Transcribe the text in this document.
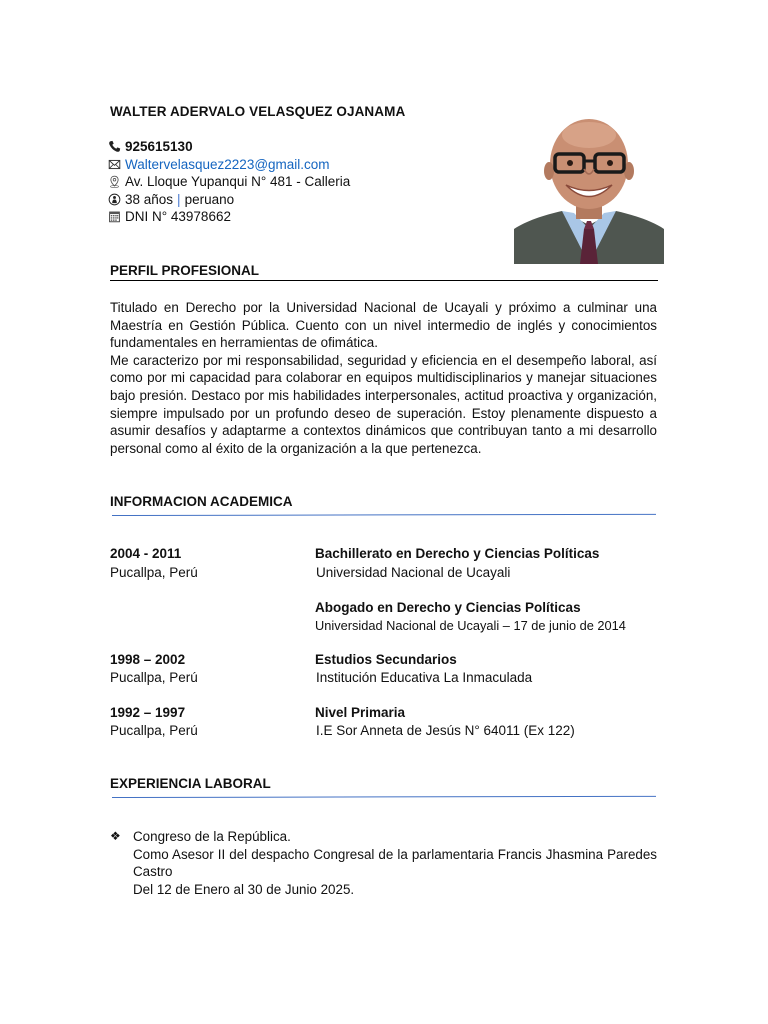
WALTER ADERVALO VELASQUEZ OJANAMA
925615130
Waltervelasquez2223@gmail.com
Av. Lloque Yupanqui N° 481 - Calleria
38 años | peruano
DNI N° 43978662
PERFIL PROFESIONAL

Titulado en Derecho por la Universidad Nacional de Ucayali y próximo a culminar una Maestría en Gestión Pública. Cuento con un nivel intermedio de inglés y conocimientos fundamentales en herramientas de ofimática.

Me caracterizo por mi responsabilidad, seguridad y eficiencia en el desempeño laboral, así como por mi capacidad para colaborar en equipos multidisciplinarios y manejar situaciones bajo presión. Destaco por mis habilidades interpersonales, actitud proactiva y organización, siempre impulsado por un profundo deseo de superación. Estoy plenamente dispuesto a asumir desafíos y adaptarme a contextos dinámicos que contribuyan tanto a mi desarrollo personal como al éxito de la organización a la que pertenezca.

INFORMACION ACADEMICA
2004 - 2011	Bachillerato en Derecho y Ciencias Políticas
Pucallpa, Perú	Universidad Nacional de Ucayali
Abogado en Derecho y Ciencias Políticas
Universidad Nacional de Ucayali – 17 de junio de 2014
1998 – 2002	Estudios Secundarios
Pucallpa, Perú	Institución Educativa La Inmaculada
1992 – 1997	Nivel Primaria
Pucallpa, Perú	I.E Sor Anneta de Jesús N° 64011 (Ex 122)
EXPERIENCIA LABORAL
❖ Congreso de la República.
Como Asesor II del despacho Congresal de la parlamentaria Francis Jhasmina Paredes Castro
Del 12 de Enero al 30 de Junio 2025.
